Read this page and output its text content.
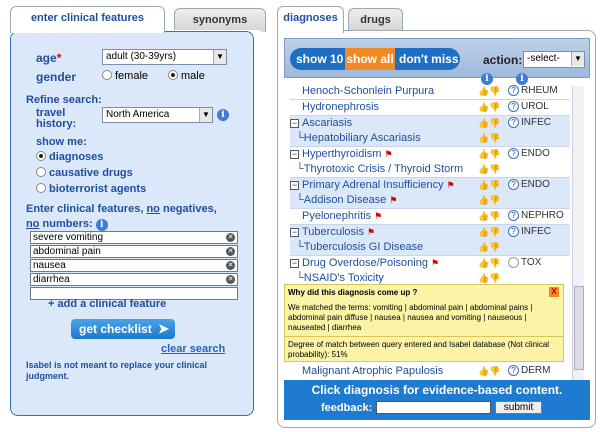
enter clinical features	synonyms
age*	adult (30-39yrs)	▼
gender	female	male
Refine search:
travel history:
North America	▼	i
show me:
diagnoses
causative drugs
bioterrorist agents
Enter clinical features, no negatives,
no numbers: i
severe vomiting	✕
abdominal pain	✕
nausea	✕
diarrhea	✕
+ add a clinical feature
get checklist ➤
clear search
Isabel is not meant to replace your clinical judgment.
diagnoses	drugs
show 10 show all don't miss action: -select-	▼
i	i
Henoch-Schonlein Purpura	👍👎	? RHEUM
Hydronephrosis	👍👎	? UROL
− Ascariasis	👍👎	? INFEC
└Hepatobiliary Ascariasis	👍👎
− Hyperthyroidism ⚑	👍👎	? ENDO
└Thyrotoxic Crisis / Thyroid Storm 👍👎
− Primary Adrenal Insufficiency ⚑	👍👎	? ENDO
└Addison Disease ⚑	👍👎
Pyelonephritis ⚑	👍👎	? NEPHRO
− Tuberculosis ⚑	👍👎	? INFEC
└Tuberculosis GI Disease	👍👎
− Drug Overdose/Poisoning ⚑	👍👎 TOX
└NSAID's Toxicity	👍👎
Why did this diagnosis come up ?	X
We matched the terms: vomiting | abdominal pain | abdominal pains | abdominal pain diffuse | nausea | nausea and vomiting | nauseous | nauseated | diarrhea
Degree of match between query entered and Isabel database (Not clinical probability): 51%
Malignant Atrophic Papulosis	👍👎	? DERM
Click diagnosis for evidence-based content.
feedback:	submit
